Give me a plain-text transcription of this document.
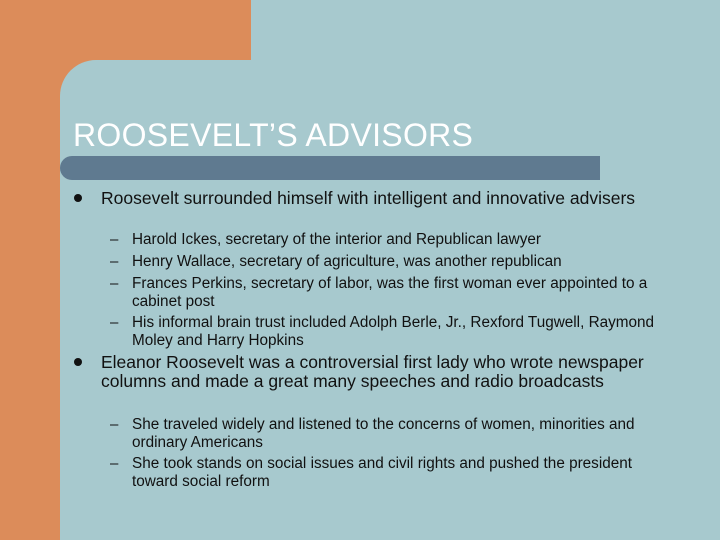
ROOSEVELT’S ADVISORS
Roosevelt surrounded himself with intelligent and innovative advisers
– Harold Ickes, secretary of the interior and Republican lawyer
– Henry Wallace, secretary of agriculture, was another republican
– Frances Perkins, secretary of labor, was the first woman ever appointed to a cabinet post
– His informal brain trust included Adolph Berle, Jr., Rexford Tugwell, Raymond Moley and Harry Hopkins
Eleanor Roosevelt was a controversial first lady who wrote newspaper columns and made a great many speeches and radio broadcasts
– She traveled widely and listened to the concerns of women, minorities and ordinary Americans
– She took stands on social issues and civil rights and pushed the president toward social reform
